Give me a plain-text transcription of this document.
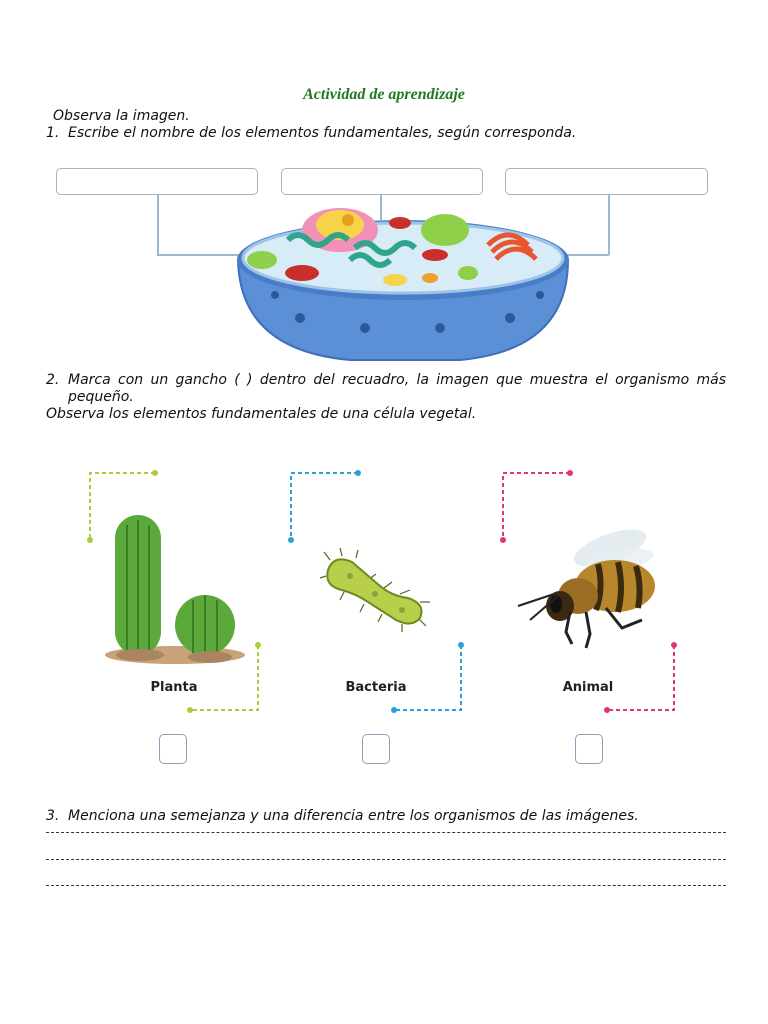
Actividad de aprendizaje
Observa la imagen.
1. Escribe el nombre de los elementos fundamentales, según corresponda.
2. Marca con un gancho ( ) dentro del recuadro, la imagen que muestra el organismo más
pequeño.
Observa los elementos fundamentales de una célula vegetal.
Planta	Bacteria	Animal
3. Menciona una semejanza y una diferencia entre los organismos de las imágenes.
